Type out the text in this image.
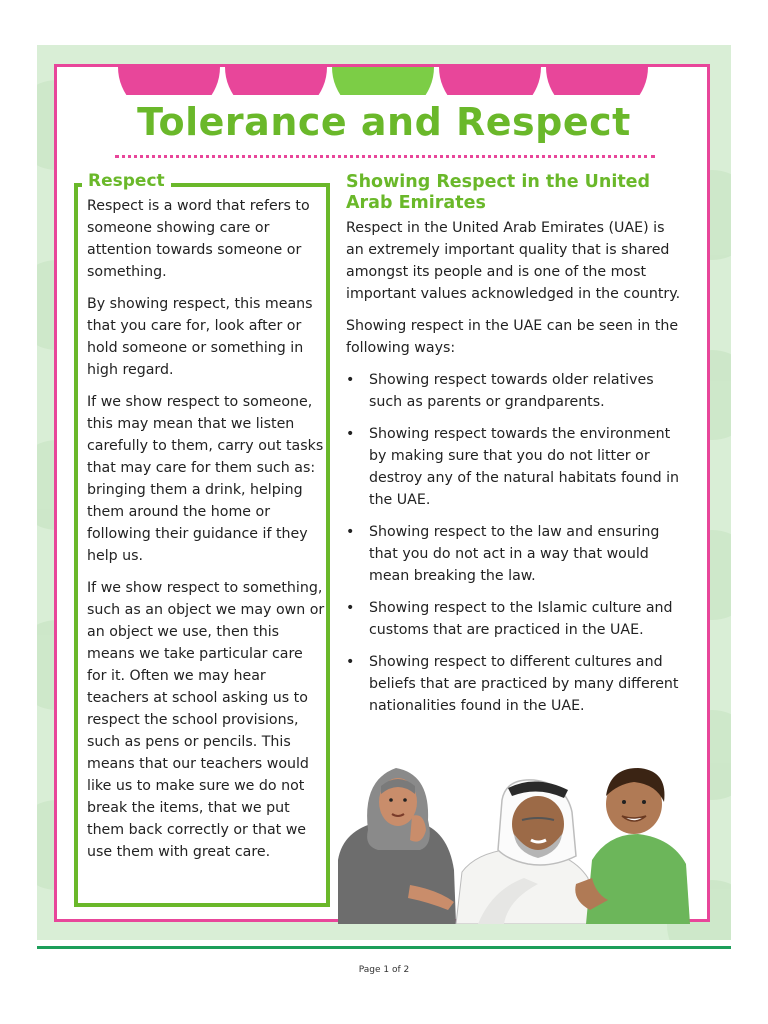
Tolerance and Respect
Respect

Respect is a word that refers to someone showing care or attention towards someone or something.

By showing respect, this means that you care for, look after or hold someone or something in high regard.

If we show respect to someone, this may mean that we listen carefully to them, carry out tasks that may care for them such as: bringing them a drink, helping them around the home or following their guidance if they help us.

If we show respect to something, such as an object we may own or an object we use, then this means we take particular care for it. Often we may hear teachers at school asking us to respect the school provisions, such as pens or pencils. This means that our teachers would like us to make sure we do not break the items, that we put them back correctly or that we use them with great care.

Showing Respect in the United Arab Emirates

Respect in the United Arab Emirates (UAE) is an extremely important quality that is shared amongst its people and is one of the most important values acknowledged in the country.

Showing respect in the UAE can be seen in the following ways:

• Showing respect towards older relatives such as parents or grandparents.
• Showing respect towards the environment by making sure that you do not litter or destroy any of the natural habitats found in the UAE.
• Showing respect to the law and ensuring that you do not act in a way that would mean breaking the law.
• Showing respect to the Islamic culture and customs that are practiced in the UAE.
• Showing respect to different cultures and beliefs that are practiced by many different nationalities found in the UAE.
Page 1 of 2
